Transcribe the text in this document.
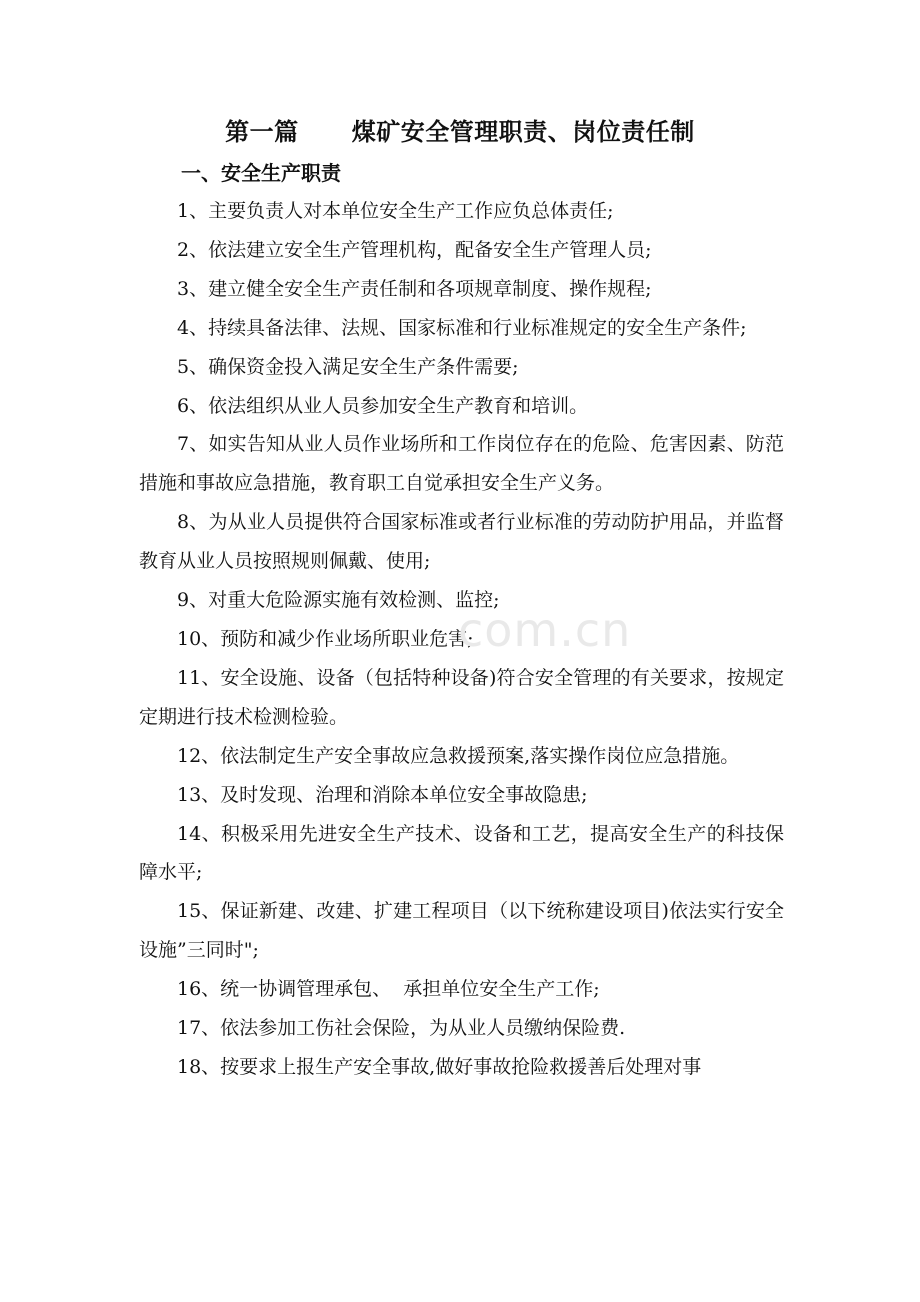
第一篇      煤矿安全管理职责、岗位责任制
一、安全生产职责

1、主要负责人对本单位安全生产工作应负总体责任;

2、依法建立安全生产管理机构，配备安全生产管理人员;

3、建立健全安全生产责任制和各项规章制度、操作规程;

4、持续具备法律、法规、国家标准和行业标准规定的安全生产条件;

5、确保资金投入满足安全生产条件需要;

6、依法组织从业人员参加安全生产教育和培训。

7、如实告知从业人员作业场所和工作岗位存在的危险、危害因素、防范措施和事故应急措施，教育职工自觉承担安全生产义务。

8、为从业人员提供符合国家标准或者行业标准的劳动防护用品，并监督教育从业人员按照规则佩戴、使用;

9、对重大危险源实施有效检测、监控;

10、预防和减少作业场所职业危害;

11、安全设施、设备（包括特种设备)符合安全管理的有关要求，按规定定期进行技术检测检验。

12、依法制定生产安全事故应急救援预案,落实操作岗位应急措施。

13、及时发现、治理和消除本单位安全事故隐患;

14、积极采用先进安全生产技术、设备和工艺，提高安全生产的科技保障水平;

15、保证新建、改建、扩建工程项目（以下统称建设项目)依法实行安全设施”三同时";

16、统一协调管理承包、  承担单位安全生产工作;

17、依法参加工伤社会保险，为从业人员缴纳保险费.

18、按要求上报生产安全事故,做好事故抢险救援善后处理对事

com.cn
